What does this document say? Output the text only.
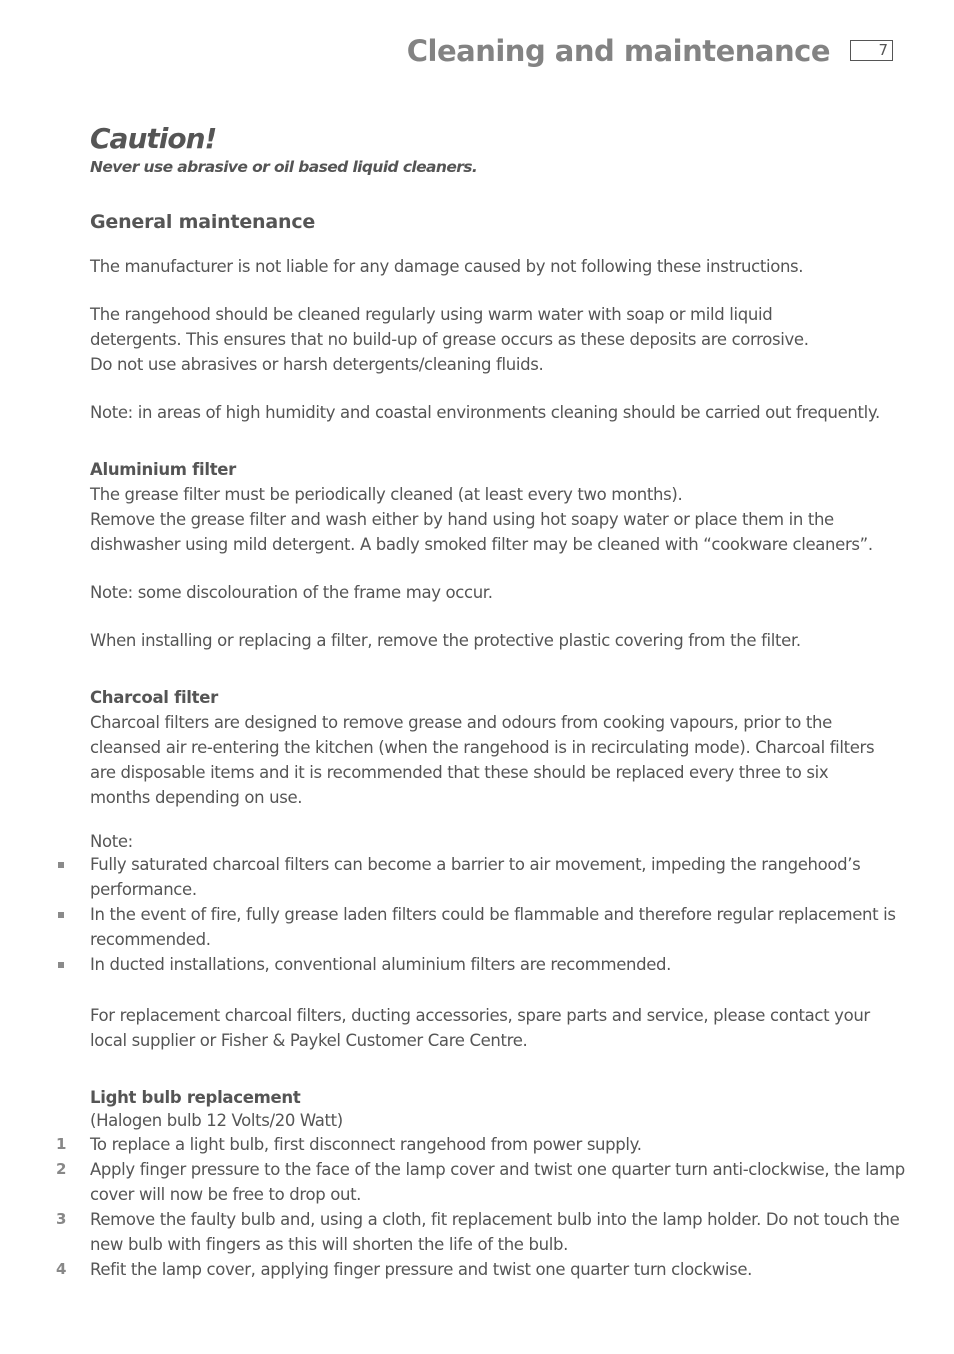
Cleaning and maintenance	7
Caution!
Never use abrasive or oil based liquid cleaners.
General maintenance

The manufacturer is not liable for any damage caused by not following these instructions.

The rangehood should be cleaned regularly using warm water with soap or mild liquid

detergents. This ensures that no build-up of grease occurs as these deposits are corrosive.

Do not use abrasives or harsh detergents/cleaning fluids.

Note: in areas of high humidity and coastal environments cleaning should be carried out frequently.

Aluminium filter

The grease filter must be periodically cleaned (at least every two months).

Remove the grease filter and wash either by hand using hot soapy water or place them in the dishwasher using mild detergent. A badly smoked filter may be cleaned with “cookware cleaners”.

Note: some discolouration of the frame may occur.

When installing or replacing a filter, remove the protective plastic covering from the filter.

Charcoal filter

Charcoal filters are designed to remove grease and odours from cooking vapours, prior to the cleansed air re-entering the kitchen (when the rangehood is in recirculating mode). Charcoal filters are disposable items and it is recommended that these should be replaced every three to six months depending on use.

Note:

Fully saturated charcoal filters can become a barrier to air movement, impeding the rangehood’s performance.
In the event of fire, fully grease laden filters could be flammable and therefore regular replacement is recommended.
In ducted installations, conventional aluminium filters are recommended.

For replacement charcoal filters, ducting accessories, spare parts and service, please contact your local supplier or Fisher & Paykel Customer Care Centre.

Light bulb replacement

(Halogen bulb 12 Volts/20 Watt)

1 To replace a light bulb, first disconnect rangehood from power supply.
2 Apply finger pressure to the face of the lamp cover and twist one quarter turn anti-clockwise, the lamp cover will now be free to drop out.
3 Remove the faulty bulb and, using a cloth, fit replacement bulb into the lamp holder. Do not touch the new bulb with fingers as this will shorten the life of the bulb.
4 Refit the lamp cover, applying finger pressure and twist one quarter turn clockwise.
